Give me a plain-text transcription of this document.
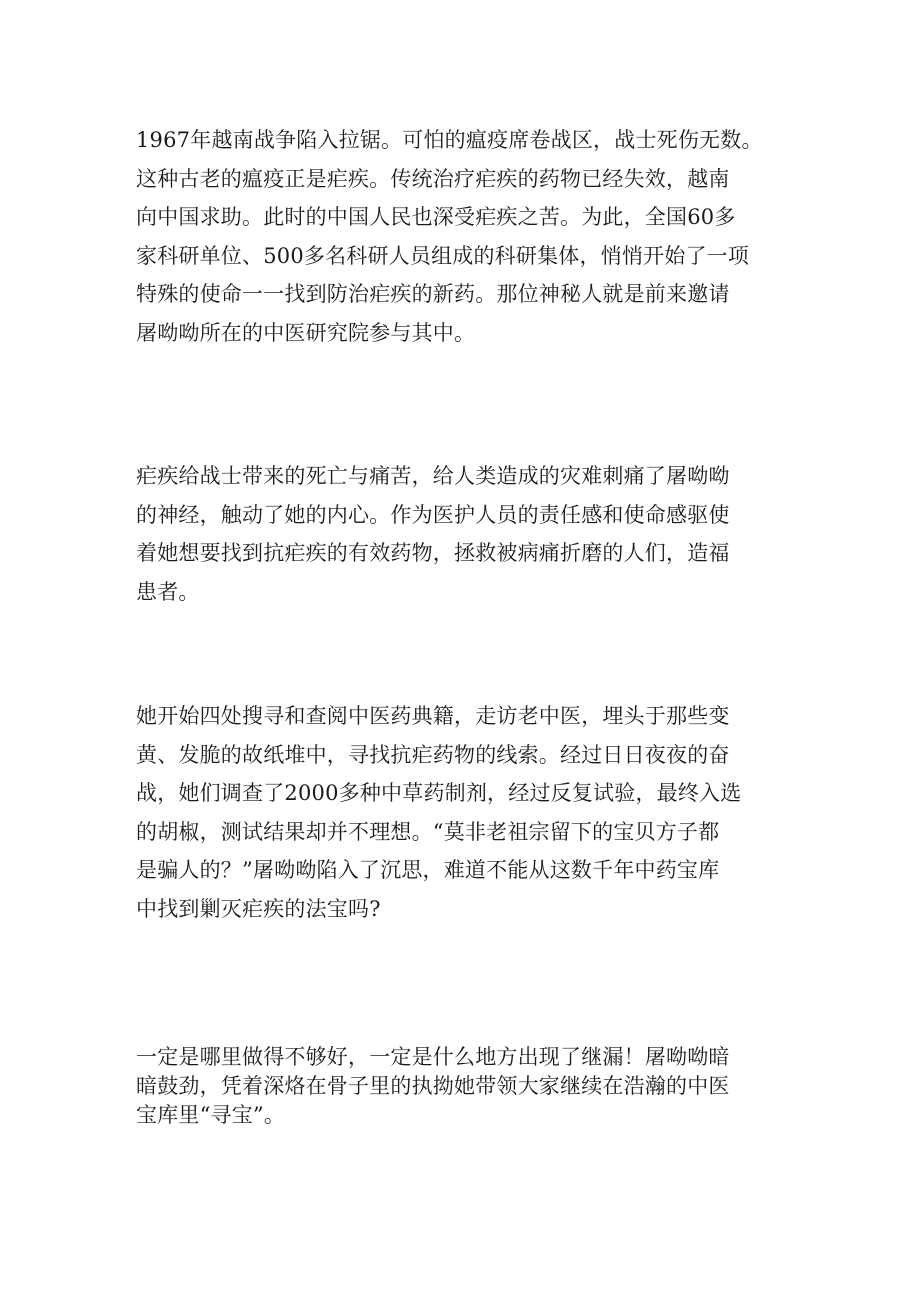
1967年越南战争陷入拉锯。可怕的瘟疫席卷战区，战士死伤无数。
这种古老的瘟疫正是疟疾。传统治疗疟疾的药物已经失效，越南
向中国求助。此时的中国人民也深受疟疾之苦。为此，全国60多
家科研单位、500多名科研人员组成的科研集体，悄悄开始了一项
特殊的使命一一找到防治疟疾的新药。那位神秘人就是前来邀请
屠呦呦所在的中医研究院参与其中。

疟疾给战士带来的死亡与痛苦，给人类造成的灾难刺痛了屠呦呦
的神经，触动了她的内心。作为医护人员的责任感和使命感驱使
着她想要找到抗疟疾的有效药物，拯救被病痛折磨的人们，造福
患者。

她开始四处搜寻和查阅中医药典籍，走访老中医，埋头于那些变
黄、发脆的故纸堆中，寻找抗疟药物的线索。经过日日夜夜的奋
战，她们调查了2000多种中草药制剂，经过反复试验，最终入选
的胡椒，测试结果却并不理想。“莫非老祖宗留下的宝贝方子都
是骗人的？”屠呦呦陷入了沉思，难道不能从这数千年中药宝库
中找到剿灭疟疾的法宝吗?

一定是哪里做得不够好，一定是什么地方出现了继漏！屠呦呦暗
暗鼓劲，凭着深烙在骨子里的执拗她带领大家继续在浩瀚的中医
宝库里“寻宝”。
